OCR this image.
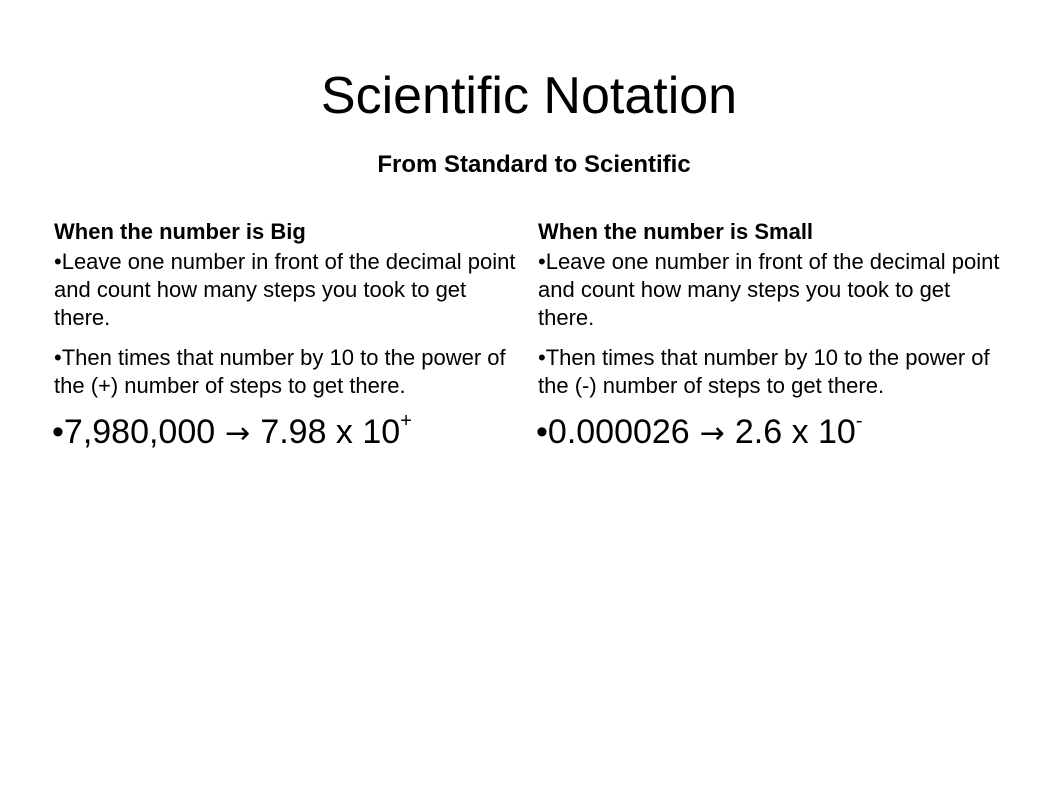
Scientific Notation
From Standard to Scientific

When the number is Big

•Leave one number in front of the decimal point and count how many steps you took to get there.

•Then times that number by 10 to the power of the (+) number of steps to get there.

•7,980,000 → 7.98 x 10+

When the number is Small

•Leave one number in front of the decimal point and count how many steps you took to get there.

•Then times that number by 10 to the power of the (-) number of steps to get there.

•0.000026 → 2.6 x 10-
